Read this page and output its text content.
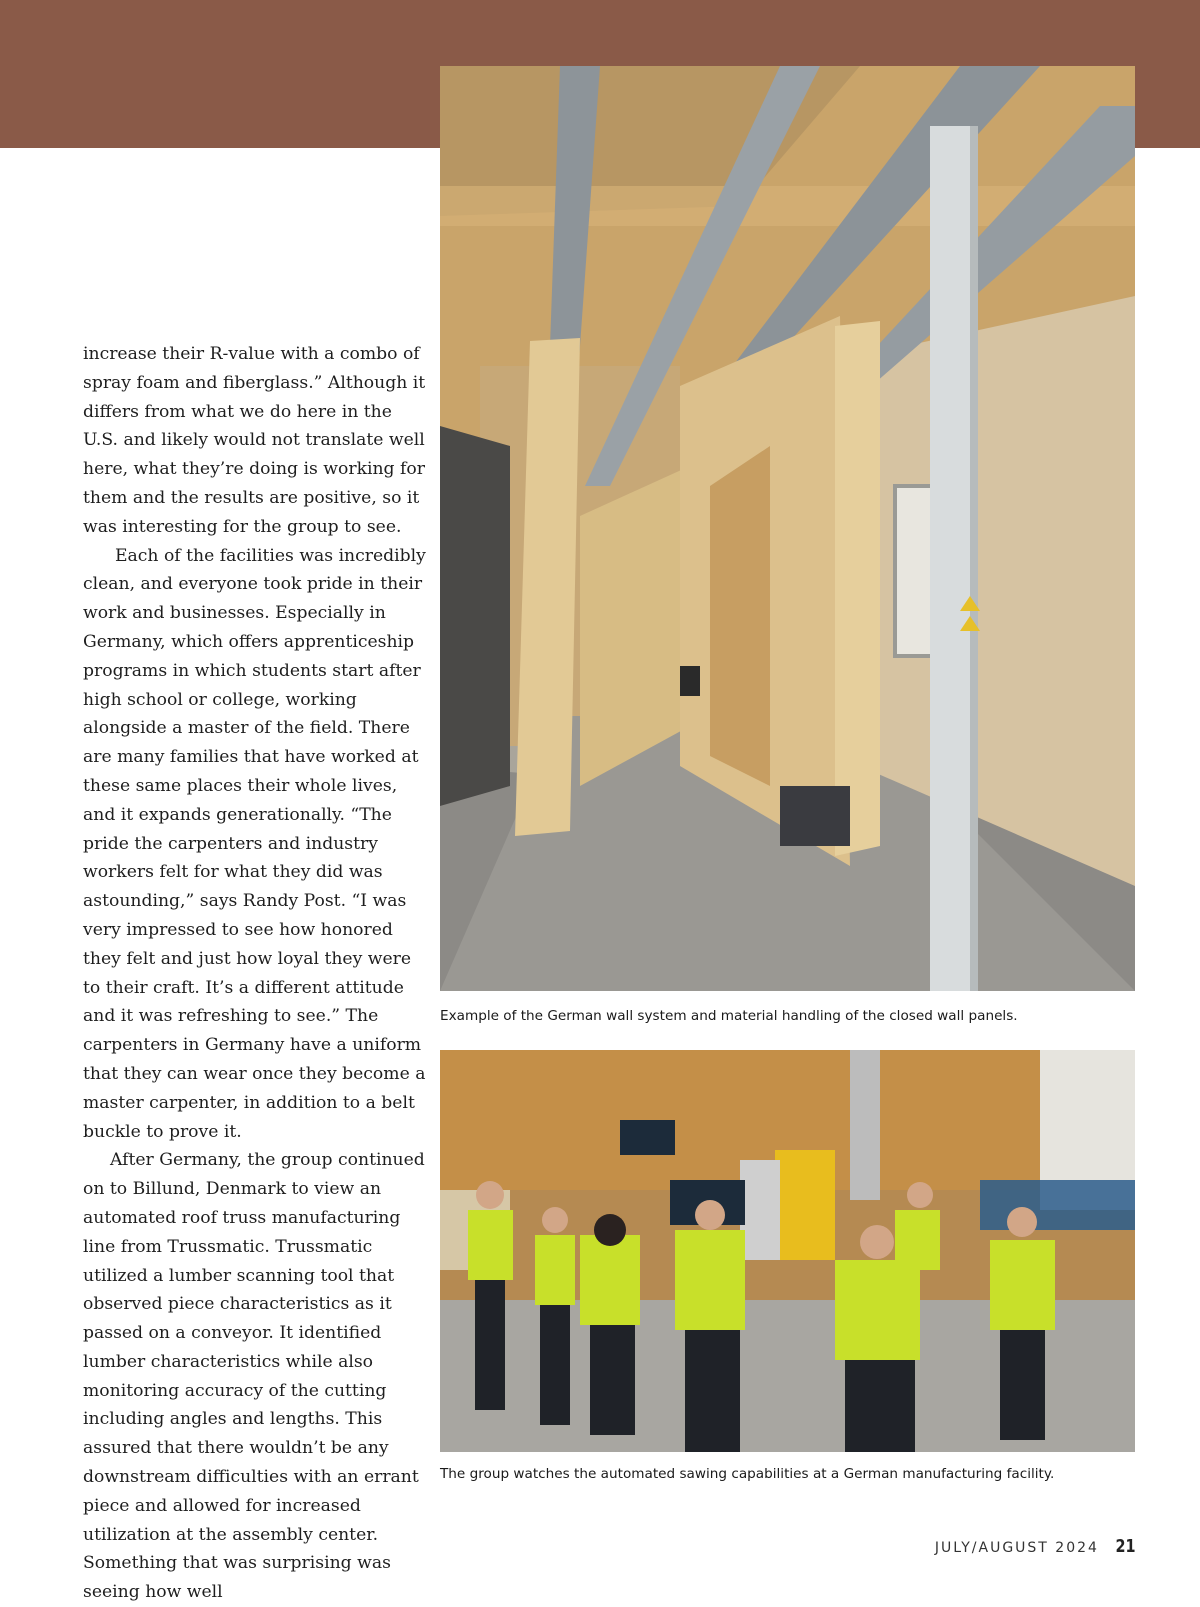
increase their R-value with a combo of spray foam and fiberglass.” Although it differs from what we do here in the U.S. and likely would not translate well here, what they’re doing is working for them and the results are positive, so it was interesting for the group to see.

Each of the facilities was incredibly clean, and everyone took pride in their work and businesses. Especially in Germany, which offers apprenticeship programs in which students start after high school or college, working alongside a master of the field. There are many families that have worked at these same places their whole lives, and it expands generationally. “The pride the carpenters and industry workers felt for what they did was astounding,” says Randy Post. “I was very impressed to see how honored they felt and just how loyal they were to their craft. It’s a different attitude and it was refreshing to see.” The carpenters in Germany have a uniform that they can wear once they become a master carpenter, in addition to a belt buckle to prove it.

After Germany, the group continued on to Billund, Denmark to view an automated roof truss manufacturing line from Trussmatic. Trussmatic utilized a lumber scanning tool that observed piece characteristics as it passed on a conveyor. It identified lumber characteristics while also monitoring accuracy of the cutting including angles and lengths. This assured that there wouldn’t be any downstream difficulties with an errant piece and allowed for increased utilization at the assembly center. Something that was surprising was seeing how well

Example of the German wall system and material handling of the closed wall panels.
The group watches the automated sawing capabilities at a German manufacturing facility.
JULY/AUGUST 2024 21
